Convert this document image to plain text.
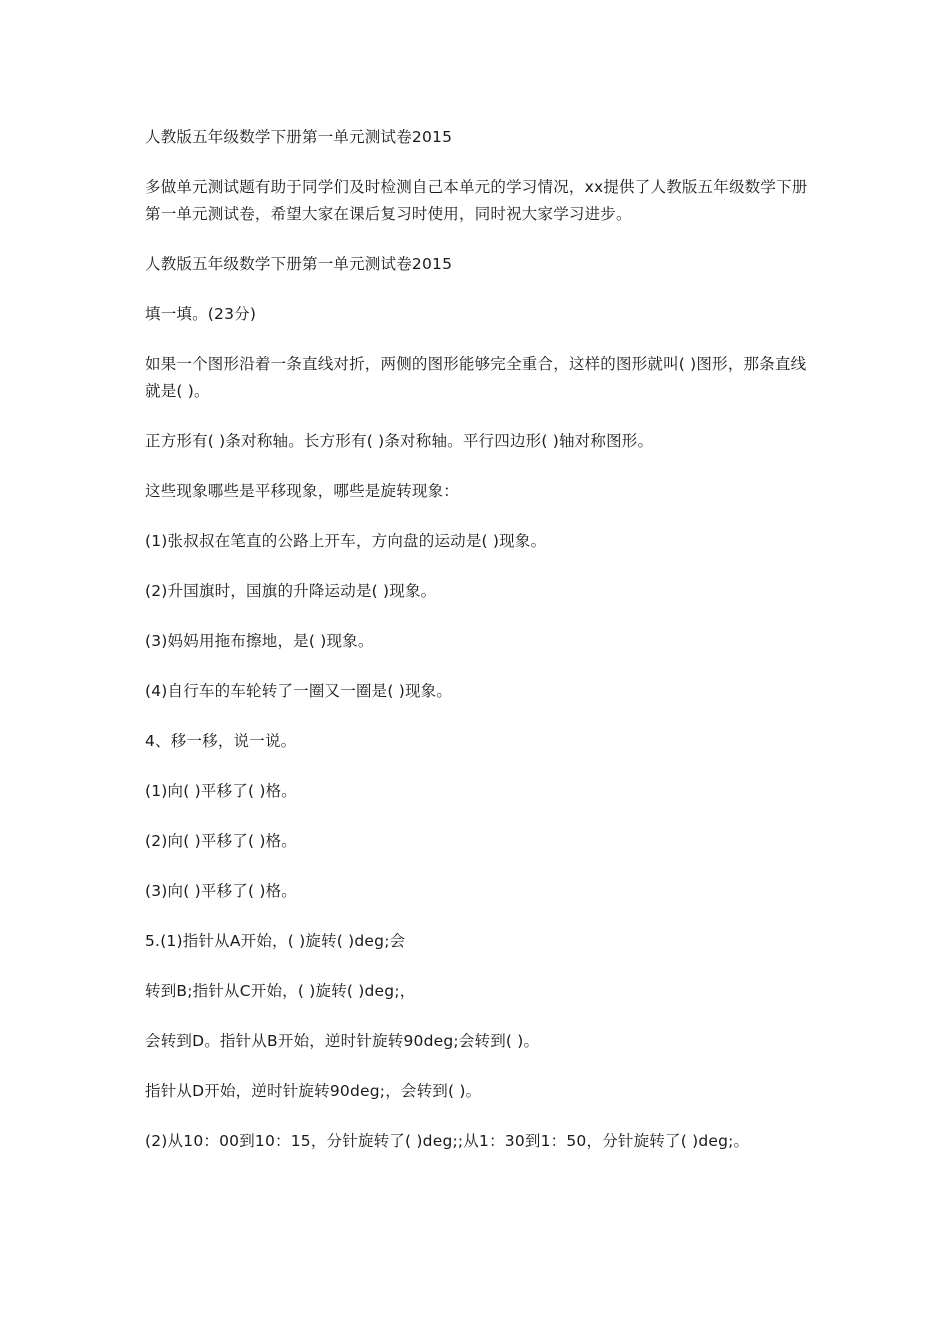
人教版五年级数学下册第一单元测试卷2015

多做单元测试题有助于同学们及时检测自己本单元的学习情况，xx提供了人教版五年级数学下册第一单元测试卷，希望大家在课后复习时使用，同时祝大家学习进步。

人教版五年级数学下册第一单元测试卷2015

填一填。(23分)

如果一个图形沿着一条直线对折，两侧的图形能够完全重合，这样的图形就叫( )图形，那条直线就是( )。

正方形有( )条对称轴。长方形有( )条对称轴。平行四边形( )轴对称图形。

这些现象哪些是平移现象，哪些是旋转现象：

(1)张叔叔在笔直的公路上开车，方向盘的运动是( )现象。

(2)升国旗时，国旗的升降运动是( )现象。

(3)妈妈用拖布擦地，是( )现象。

(4)自行车的车轮转了一圈又一圈是( )现象。

4、移一移，说一说。

(1)向( )平移了( )格。

(2)向( )平移了( )格。

(3)向( )平移了( )格。

5.(1)指针从A开始，( )旋转( )deg;会

转到B;指针从C开始，( )旋转( )deg;，

会转到D。指针从B开始，逆时针旋转90deg;会转到( )。

指针从D开始，逆时针旋转90deg;，会转到( )。

(2)从10：00到10：15，分针旋转了( )deg;;从1：30到1：50，分针旋转了( )deg;。
